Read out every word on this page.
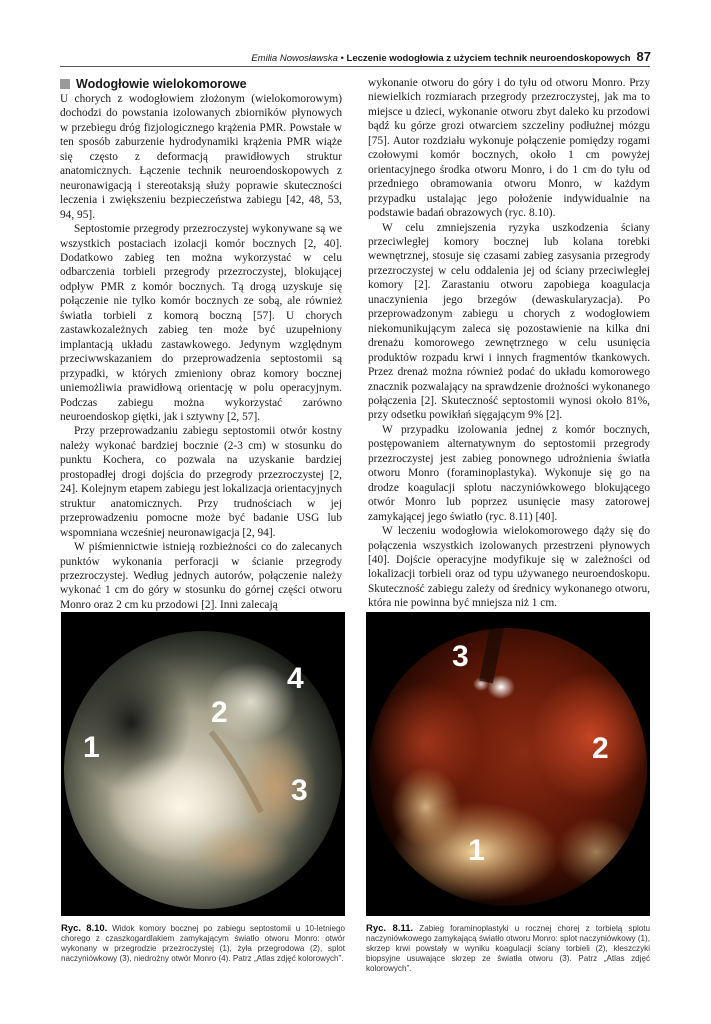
Emilia Nowosławska • Leczenie wodogłowia z użyciem technik neuroendoskopowych 87
Wodogłowie wielokomorowe

U chorych z wodogłowiem złożonym (wielokomorowym) dochodzi do powstania izolowanych zbiorników płynowych w przebiegu dróg fizjologicznego krążenia PMR. Powstałe w ten sposób zaburzenie hydrodynamiki krążenia PMR wiąże się często z deformacją prawidłowych struktur anatomicznych. Łączenie technik neuroendoskopowych z neuronawigacją i stereotaksją służy poprawie skuteczności leczenia i zwiększeniu bezpieczeństwa zabiegu [42, 48, 53, 94, 95].

Septostomie przegrody przezroczystej wykonywane są we wszystkich postaciach izolacji komór bocznych [2, 40]. Dodatkowo zabieg ten można wykorzystać w celu odbarczenia torbieli przegrody przezroczystej, blokującej odpływ PMR z komór bocznych. Tą drogą uzyskuje się połączenie nie tylko komór bocznych ze sobą, ale również światła torbieli z komorą boczną [57]. U chorych zastawkozależnych zabieg ten może być uzupełniony implantacją układu zastawkowego. Jedynym względnym przeciwwskazaniem do przeprowadzenia septostomii są przypadki, w których zmieniony obraz komory bocznej uniemożliwia prawidłową orientację w polu operacyjnym. Podczas zabiegu można wykorzystać zarówno neuroendoskop giętki, jak i sztywny [2, 57].

Przy przeprowadzaniu zabiegu septostomii otwór kostny należy wykonać bardziej bocznie (2-3 cm) w stosunku do punktu Kochera, co pozwala na uzyskanie bardziej prostopadłej drogi dojścia do przegrody przezroczystej [2, 24]. Kolejnym etapem zabiegu jest lokalizacja orientacyjnych struktur anatomicznych. Przy trudnościach w jej przeprowadzeniu pomocne może być badanie USG lub wspomniana wcześniej neuronawigacja [2, 94].

W piśmiennictwie istnieją rozbieżności co do zalecanych punktów wykonania perforacji w ścianie przegrody przezroczystej. Według jednych autorów, połączenie należy wykonać 1 cm do góry w stosunku do górnej części otworu Monro oraz 2 cm ku przodowi [2]. Inni zalecają

wykonanie otworu do góry i do tyłu od otworu Monro. Przy niewielkich rozmiarach przegrody przezroczystej, jak ma to miejsce u dzieci, wykonanie otworu zbyt daleko ku przodowi bądź ku górze grozi otwarciem szczeliny podłużnej mózgu [75]. Autor rozdziału wykonuje połączenie pomiędzy rogami czołowymi komór bocznych, około 1 cm powyżej orientacyjnego środka otworu Monro, i do 1 cm do tyłu od przedniego obramowania otworu Monro, w każdym przypadku ustalając jego położenie indywidualnie na podstawie badań obrazowych (ryc. 8.10).

W celu zmniejszenia ryzyka uszkodzenia ściany przeciwległej komory bocznej lub kolana torebki wewnętrznej, stosuje się czasami zabieg zasysania przegrody przezroczystej w celu oddalenia jej od ściany przeciwległej komory [2]. Zarastaniu otworu zapobiega koagulacja unaczynienia jego brzegów (dewaskularyzacja). Po przeprowadzonym zabiegu u chorych z wodogłowiem niekomunikującym zaleca się pozostawienie na kilka dni drenażu komorowego zewnętrznego w celu usunięcia produktów rozpadu krwi i innych fragmentów tkankowych. Przez drenaż można również podać do układu komorowego znacznik pozwalający na sprawdzenie drożności wykonanego połączenia [2]. Skuteczność septostomii wynosi około 81%, przy odsetku powikłań sięgającym 9% [2].

W przypadku izolowania jednej z komór bocznych, postępowaniem alternatywnym do septostomii przegrody przezroczystej jest zabieg ponownego udrożnienia światła otworu Monro (foraminoplastyka). Wykonuje się go na drodze koagulacji splotu naczyniówkowego blokującego otwór Monro lub poprzez usunięcie masy zatorowej zamykającej jego światło (ryc. 8.11) [40].

W leczeniu wodogłowia wielokomorowego dąży się do połączenia wszystkich izolowanych przestrzeni płynowych [40]. Dojście operacyjne modyfikuje się w zależności od lokalizacji torbieli oraz od typu używanego neuroendoskopu. Skuteczność zabiegu zależy od średnicy wykonanego otworu, która nie powinna być mniejsza niż 1 cm.

1
2
3
4
3
2
1
Ryc. 8.10. Widok komory bocznej po zabiegu septostomii u 10-letniego chorego z czaszkogardlakiem zamykającym światło otworu Monro: otwór wykonany w przegrodzie przezroczystej (1), żyła przegrodowa (2), splot naczyniówkowy (3), niedrożny otwór Monro (4). Patrz „Atlas zdjęć kolorowych”.
Ryc. 8.11. Zabieg foraminoplastyki u rocznej chorej z torbielą splotu naczyniówkowego zamykającą światło otworu Monro: splot naczyniówkowy (1), skrzep krwi powstały w wyniku koagulacji ściany torbieli (2), kleszczyki biopsyjne usuwające skrzep ze światła otworu (3). Patrz „Atlas zdjęć kolorowych”.
